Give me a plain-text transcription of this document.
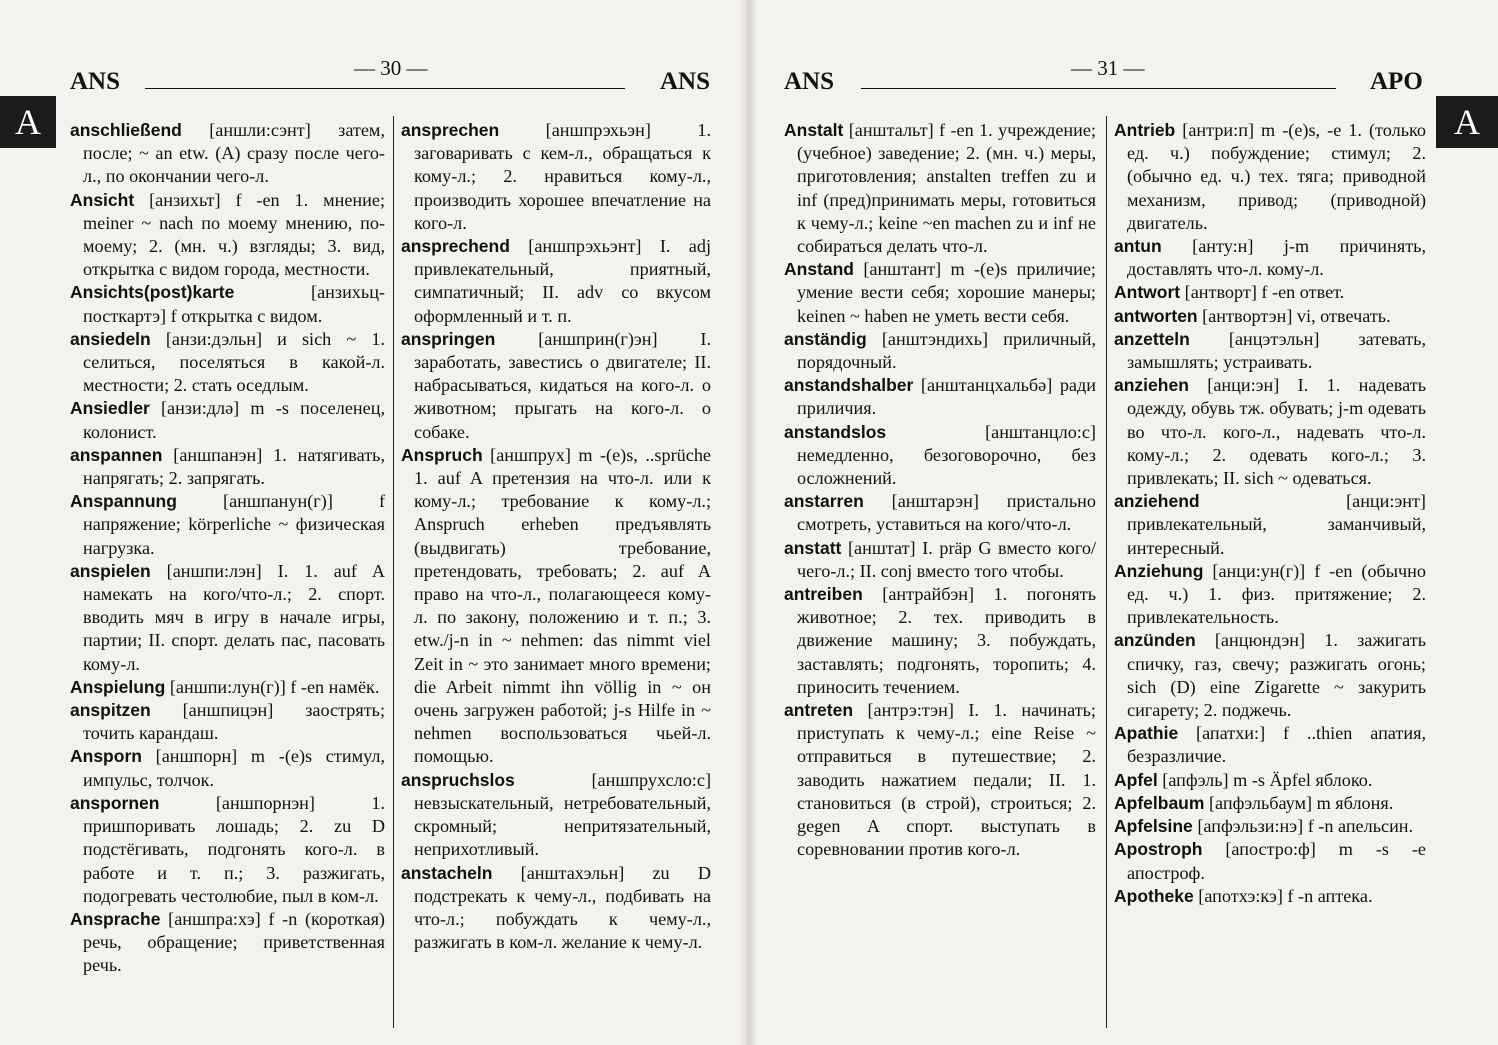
ANS	— 30 —	ANS
A	anschließend [аншли:сэнт] затем, после; ~ an etw. (A) сразу после чего-л., по окончании чего-л.
Ansicht [анзихьт] f -en 1. мнение; meiner ~ nach по моему мнению, по-моему; 2. (мн. ч.) взгляды; 3. вид, открытка с видом города, местности.
Ansichts(post)karte [анзихьц-посткартэ] f открытка с видом.
ansiedeln [анзи:дэльн] и sich ~ 1. селиться, поселяться в какой-л. местности; 2. стать оседлым.
Ansiedler [анзи:длə] m -s поселенец, колонист.
anspannen [аншпанэн] 1. натягивать, напрягать; 2. запрягать.
Anspannung [аншпанун(г)] f напряжение; körperliche ~ физическая нагрузка.
anspielen [аншпи:лэн] I. 1. auf A намекать на кого/что-л.; 2. спорт. вводить мяч в игру в начале игры, партии; II. спорт. делать пас, пасовать кому-л.
Anspielung [аншпи:лун(г)] f -en намёк.
anspitzen [аншпицэн] заострять; точить карандаш.
Ansporn [аншпорн] m -(e)s стимул, импульс, толчок.
anspornen [аншпорнэн] 1. пришпоривать лошадь; 2. zu D подстёгивать, подгонять кого-л. в работе и т. п.; 3. разжигать, подогревать честолюбие, пыл в ком-л.
Ansprache [аншпра:хэ] f -n (короткая) речь, обращение; приветственная речь.
ansprechen [аншпрэхьэн] 1. заговаривать с кем-л., обращаться к кому-л.; 2. нравиться кому-л., производить хорошее впечатление на кого-л.
ansprechend [аншпрэхьэнт] I. adj привлекательный, приятный, симпатичный; II. adv со вкусом оформленный и т. п.
anspringen [аншприн(г)эн] I. заработать, завестись о двигателе; II. набрасываться, кидаться на кого-л. о животном; прыгать на кого-л. о собаке.
Anspruch [аншпрух] m -(e)s, ..sprüche 1. auf A претензия на что-л. или к кому-л.; требование к кому-л.; Anspruch erheben предъявлять (выдвигать) требование, претендовать, требовать; 2. auf A право на что-л., полагающееся кому-л. по закону, положению и т. п.; 3. etw./j-n in ~ nehmen: das nimmt viel Zeit in ~ это занимает много времени; die Arbeit nimmt ihn völlig in ~ он очень загружен работой; j-s Hilfe in ~ nehmen воспользоваться чьей-л. помощью.
anspruchslos [аншпрухсло:с] невзыскательный, нетребовательный, скромный; непритязательный, неприхотливый.
anstacheln [анштахэльн] zu D подстрекать к чему-л., подбивать на что-л.; побуждать к чему-л., разжигать в ком-л. желание к чему-л.
ANS	— 31 —	APO
A
Anstalt [анштальт] f -en 1. учреждение; (учебное) заведение; 2. (мн. ч.) меры, приготовления; anstalten treffen zu и inf (пред)принимать меры, готовиться к чему-л.; keine ~en machen zu и inf не собираться делать что-л.
Anstand [анштант] m -(e)s приличие; умение вести себя; хорошие манеры; keinen ~ haben не уметь вести себя.
anständig [анштэндихь] приличный, порядочный.
anstandshalber [анштанцхальбə] ради приличия.
anstandslos [анштанцло:с] немедленно, безоговорочно, без осложнений.
anstarren [анштарэн] пристально смотреть, уставиться на кого/что-л.
anstatt [анштат] I. präp G вместо кого/чего-л.; II. conj вместо того чтобы.
antreiben [антрайбэн] 1. погонять животное; 2. тех. приводить в движение машину; 3. побуждать, заставлять; подгонять, торопить; 4. приносить течением.
antreten [антрэ:тэн] I. 1. начинать; приступать к чему-л.; eine Reise ~ отправиться в путешествие; 2. заводить нажатием педали; II. 1. становиться (в строй), строиться; 2. gegen A спорт. выступать в соревновании против кого-л.
Antrieb [антри:п] m -(e)s, -e 1. (только ед. ч.) побуждение; стимул; 2. (обычно ед. ч.) тех. тяга; приводной механизм, привод; (приводной) двигатель.
antun [анту:н] j-m причинять, доставлять что-л. кому-л.
Antwort [антворт] f -en ответ.
antworten [антвортэн] vi, отвечать.
anzetteln [анцэтэльн] затевать, замышлять; устраивать.
anziehen [анци:эн] I. 1. надевать одежду, обувь тж. обувать; j-m одевать во что-л. кого-л., надевать что-л. кому-л.; 2. одевать кого-л.; 3. привлекать; II. sich ~ одеваться.
anziehend [анци:энт] привлекательный, заманчивый, интересный.
Anziehung [анци:ун(г)] f -en (обычно ед. ч.) 1. физ. притяжение; 2. привлекательность.
anzünden [анцюндэн] 1. зажигать спичку, газ, свечу; разжигать огонь; sich (D) eine Zigarette ~ закурить сигарету; 2. поджечь.
Apathie [апатхи:] f ..thien апатия, безразличие.
Apfel [апфэль] m -s Äpfel яблоко.
Apfelbaum [апфэльбаум] m яблоня.
Apfelsine [апфэльзи:нэ] f -n апельсин.
Apostroph [апострo:ф] m -s -e апостроф.
Apotheke [апотхэ:кэ] f -n аптека.
